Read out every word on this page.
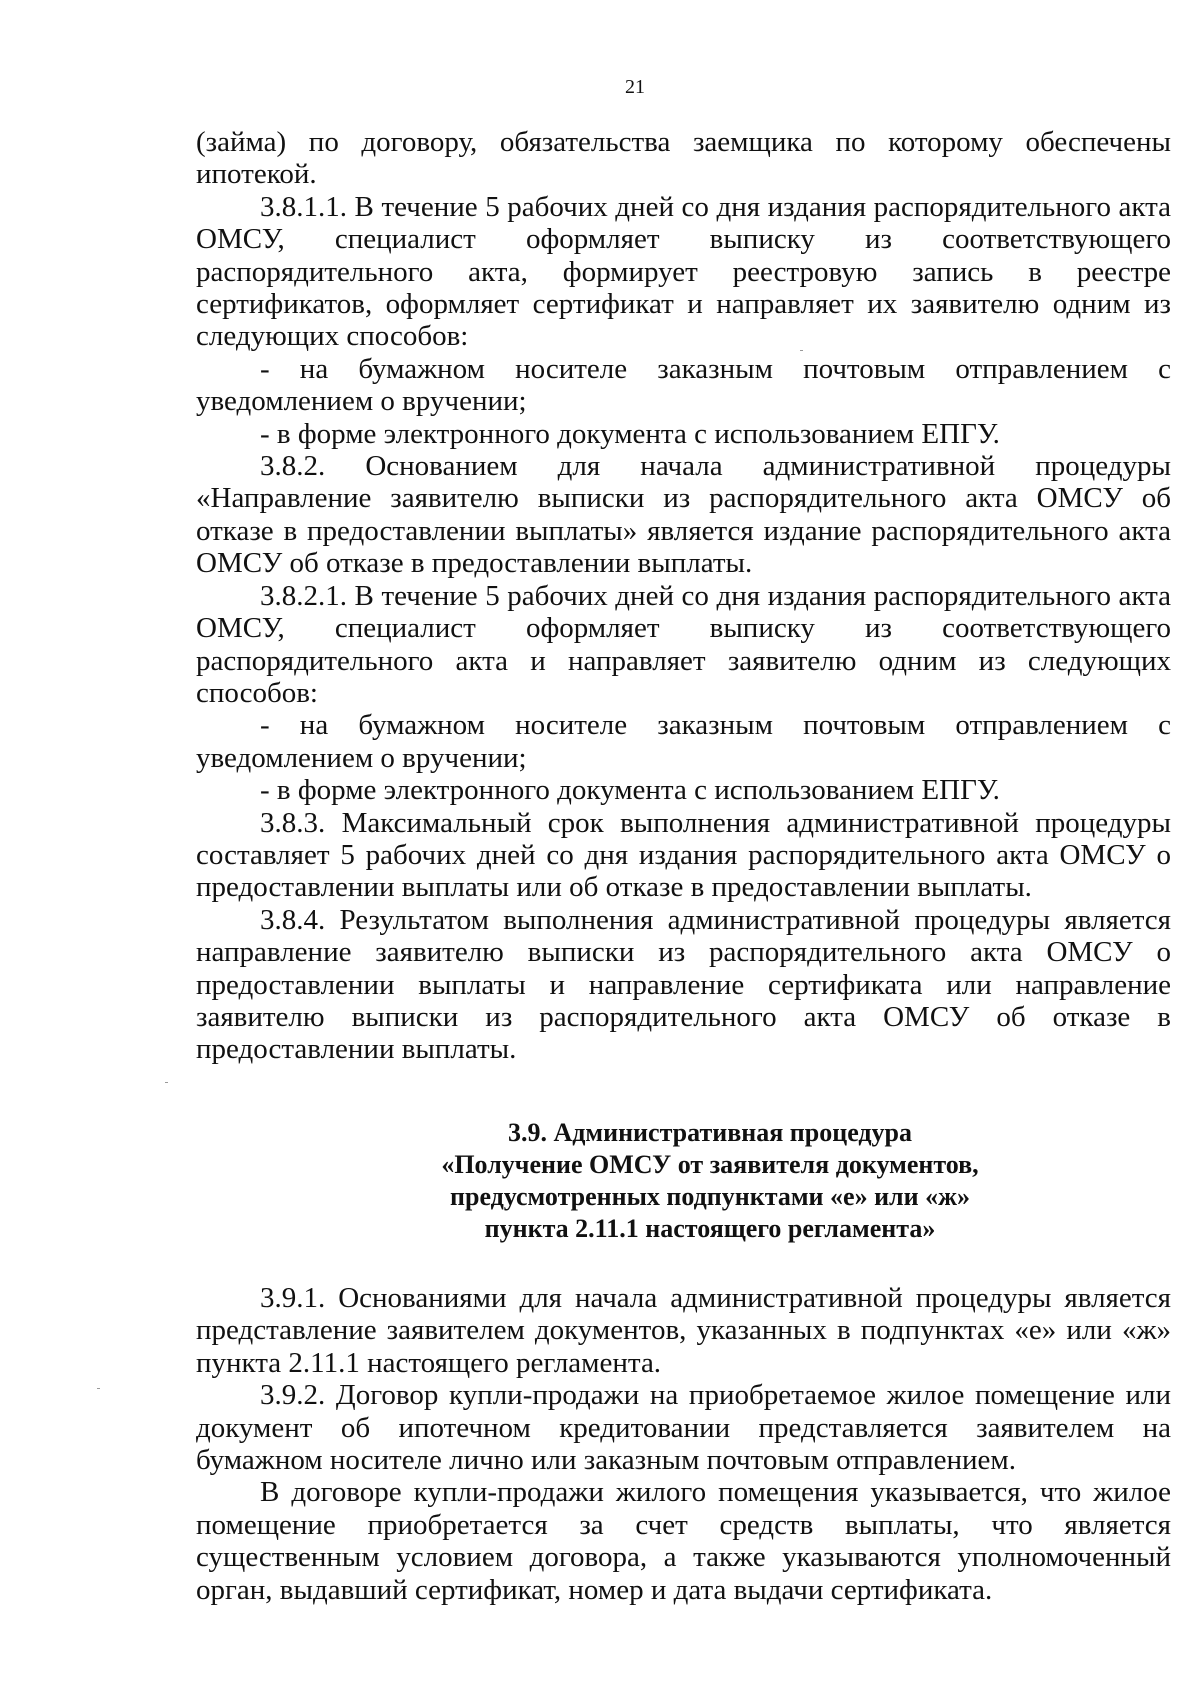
21

(займа) по договору, обязательства заемщика по которому обеспечены ипотекой.

3.8.1.1. В течение 5 рабочих дней со дня издания распорядительного акта ОМСУ, специалист оформляет выписку из соответствующего распорядительного акта, формирует реестровую запись в реестре сертификатов, оформляет сертификат и направляет их заявителю одним из следующих способов:

- на бумажном носителе заказным почтовым отправлением с уведомлением о вручении;

- в форме электронного документа с использованием ЕПГУ.

3.8.2. Основанием для начала административной процедуры «Направление заявителю выписки из распорядительного акта ОМСУ об отказе в предоставлении выплаты» является издание распорядительного акта ОМСУ об отказе в предоставлении выплаты.

3.8.2.1. В течение 5 рабочих дней со дня издания распорядительного акта ОМСУ, специалист оформляет выписку из соответствующего распорядительного акта и направляет заявителю одним из следующих способов:

- на бумажном носителе заказным почтовым отправлением с уведомлением о вручении;

- в форме электронного документа с использованием ЕПГУ.

3.8.3. Максимальный срок выполнения административной процедуры составляет 5 рабочих дней со дня издания распорядительного акта ОМСУ о предоставлении выплаты или об отказе в предоставлении выплаты.

3.8.4. Результатом выполнения административной процедуры является направление заявителю выписки из распорядительного акта ОМСУ о предоставлении выплаты и направление сертификата или направление заявителю выписки из распорядительного акта ОМСУ об отказе в предоставлении выплаты.

3.9. Административная процедура
«Получение ОМСУ от заявителя документов,
предусмотренных подпунктами «е» или «ж»
пункта 2.11.1 настоящего регламента»

3.9.1. Основаниями для начала административной процедуры является представление заявителем документов, указанных в подпунктах «е» или «ж» пункта 2.11.1 настоящего регламента.

3.9.2. Договор купли-продажи на приобретаемое жилое помещение или документ об ипотечном кредитовании представляется заявителем на бумажном носителе лично или заказным почтовым отправлением.

В договоре купли-продажи жилого помещения указывается, что жилое помещение приобретается за счет средств выплаты, что является существенным условием договора, а также указываются уполномоченный орган, выдавший сертификат, номер и дата выдачи сертификата.
